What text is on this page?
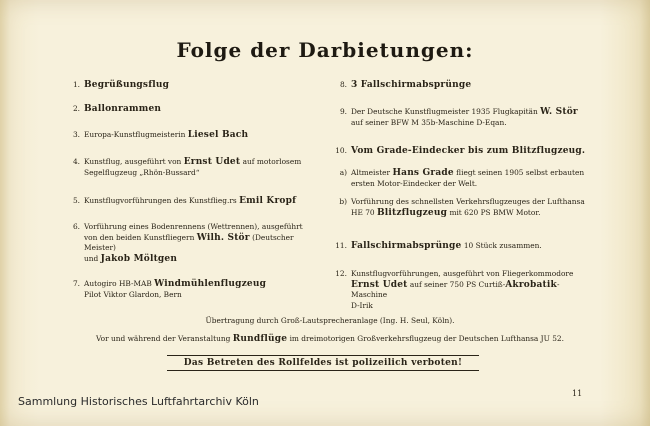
Folge der Darbietungen:
1. Begrüßungsflug
2. Ballonrammen
3. Europa-Kunstflugmeisterin Liesel Bach
4. Kunstflug, ausgeführt von Ernst Udet auf motorlosem
Segelflugzeug „Rhön-Bussard“
5. Kunstflugvorführungen des Kunstflieg.rs Emil Kropf
6. Vorführung eines Bodenrennens (Wettrennen), ausgeführt
von den beiden Kunstfliegern Wilh. Stör (Deutscher Meister)
und Jakob Möltgen
7. Autogiro HB-MAB Windmühlenflugzeug
Pilot Viktor Glardon, Bern
8. 3 Fallschirmabsprünge
9. Der Deutsche Kunstflugmeister 1935 Flugkapitän W. Stör
auf seiner BFW M 35b-Maschine D-Eqan.
10. Vom Grade-Eindecker bis zum Blitzflugzeug.
a) Altmeister Hans Grade fliegt seinen 1905 selbst erbauten
ersten Motor-Eindecker der Welt.
b) Vorführung des schnellsten Verkehrsflugzeuges der Lufthansa
HE 70 Blitzflugzeug mit 620 PS BMW Motor.
11. Fallschirmabsprünge 10 Stück zusammen.
12. Kunstflugvorführungen, ausgeführt von Fliegerkommodore
Ernst Udet auf seiner 750 PS Curtiß-Akrobatik-Maschine
D-Irik
Übertragung durch Groß-Lautsprecheranlage (Ing. H. Seul, Köln).
Vor und während der Veranstaltung Rundflüge im dreimotorigen Großverkehrsflugzeug der Deutschen Lufthansa JU 52.
Das Betreten des Rollfeldes ist polizeilich verboten!
11
Sammlung Historisches Luftfahrtarchiv Köln
